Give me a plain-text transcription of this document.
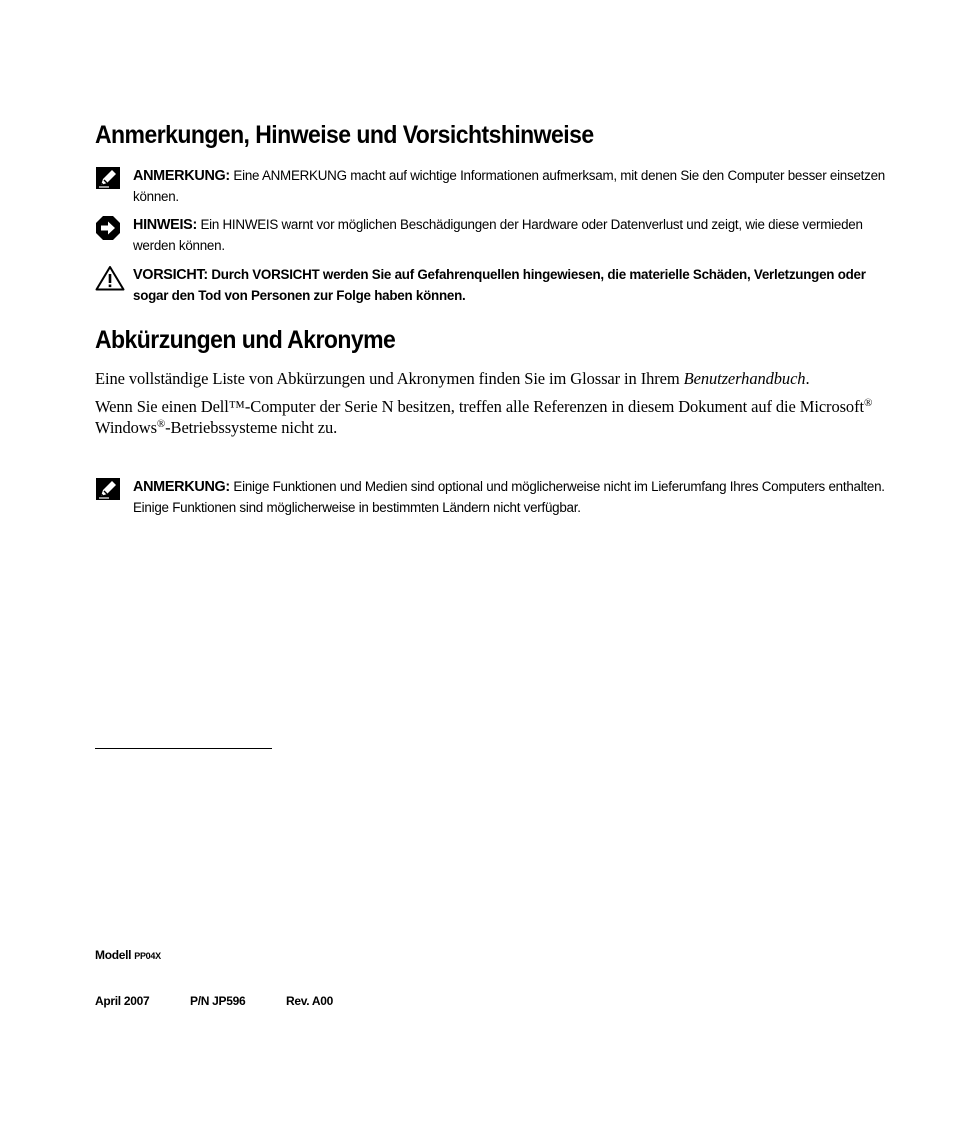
Anmerkungen, Hinweise und Vorsichtshinweise
ANMERKUNG: Eine ANMERKUNG macht auf wichtige Informationen aufmerksam, mit denen Sie den Computer besser einsetzen können.
HINWEIS: Ein HINWEIS warnt vor möglichen Beschädigungen der Hardware oder Datenverlust und zeigt, wie diese vermieden werden können.
VORSICHT: Durch VORSICHT werden Sie auf Gefahrenquellen hingewiesen, die materielle Schäden, Verletzungen oder sogar den Tod von Personen zur Folge haben können.
Abkürzungen und Akronyme

Eine vollständige Liste von Abkürzungen und Akronymen finden Sie im Glossar in Ihrem Benutzerhandbuch.

Wenn Sie einen Dell™-Computer der Serie N besitzen, treffen alle Referenzen in diesem Dokument auf die Microsoft® Windows®-Betriebssysteme nicht zu.

ANMERKUNG: Einige Funktionen und Medien sind optional und möglicherweise nicht im Lieferumfang Ihres Computers enthalten. Einige Funktionen sind möglicherweise in bestimmten Ländern nicht verfügbar.
Modell PP04X
April 2007	P/N JP596	Rev. A00
